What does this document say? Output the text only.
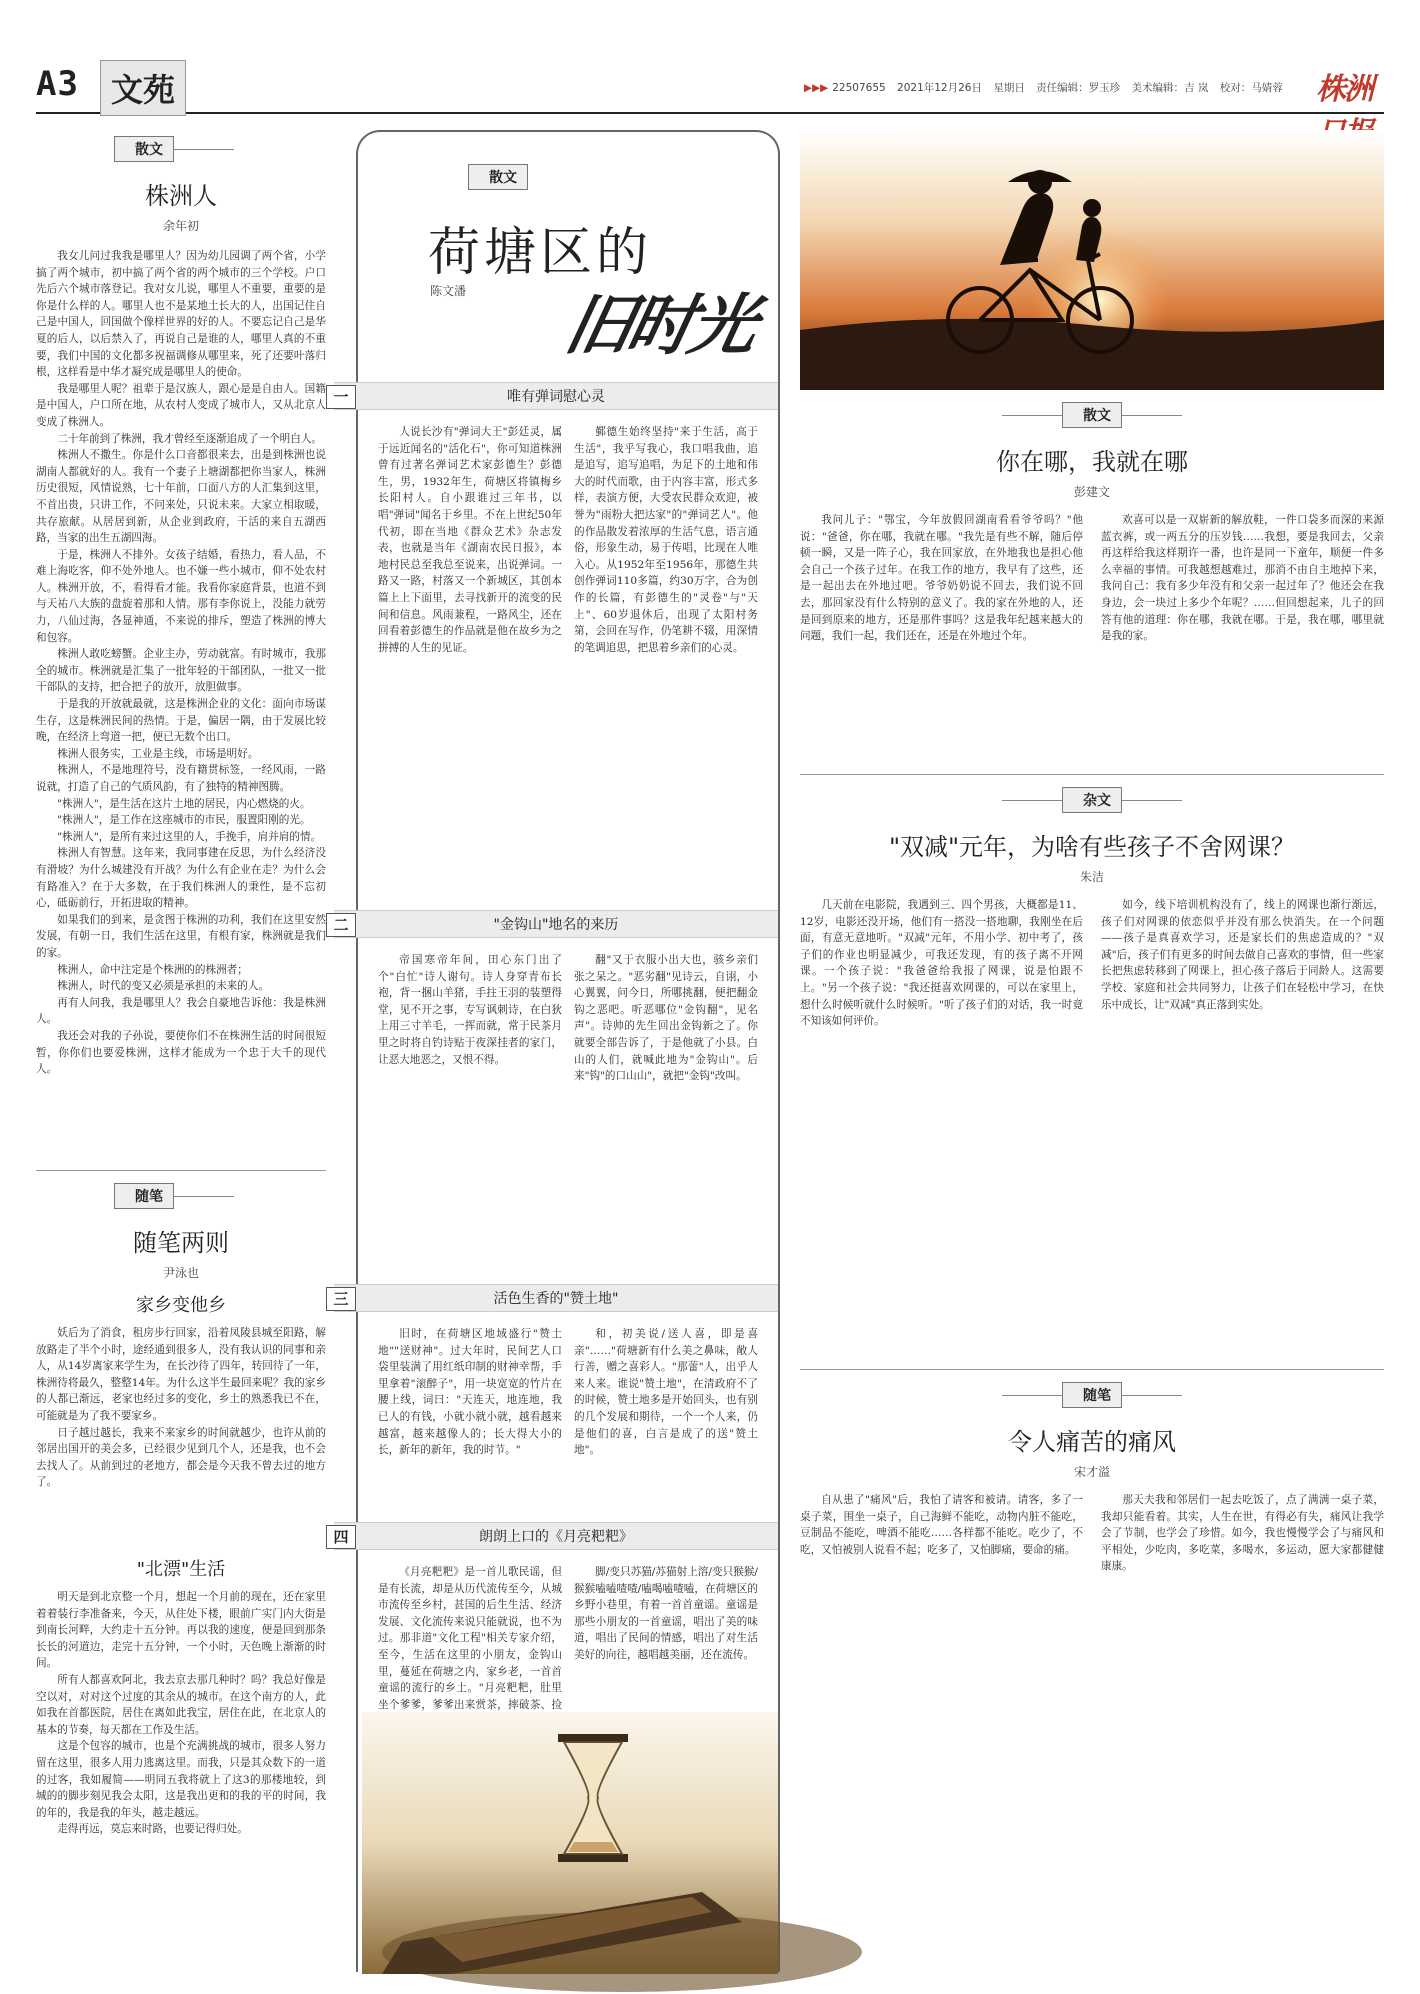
A3	文苑	▶▶▶ 22507655 2021年12月26日 星期日 责任编辑：罗玉珍 美术编辑：吉 岚 校对：马婧蓉 株洲
散文
株洲人
余年初

我女儿问过我我是哪里人？因为幼儿园调了两个省，小学搞了两个城市，初中搞了两个省的两个城市的三个学校。户口先后六个城市落登记。我对女儿说，哪里人不重要，重要的是你是什么样的人。哪里人也不是某地土长大的人，出国记住自己是中国人，回国做个像样世界的好的人。不要忘记自己是华夏的后人，以后禁入了，再说自己是谁的人，哪里人真的不重要，我们中国的文化都多祝福调修从哪里来，死了还要叶落归根，这样看是中华才凝究成是哪里人的使命。

我是哪里人呢？祖辈于是汉族人，跟心是是自由人。国籍是中国人，户口所在地，从农村人变成了城市人，又从北京人变成了株洲人。

二十年前到了株洲，我才曾经至逐渐追成了一个明白人。

株洲人不撒生。你是什么口音都很来去，出是到株洲也说湖南人都就好的人。我有一个妻子上塘湖都把你当家人，株洲历史很短，风情说熟，七十年前，口面八方的人汇集到这里，不首出贵，只讲工作，不问来处，只说未来。大家立相取暖，共存旅献。从居居到新，从企业到政府，干活的来自五湖西路，当家的出生五湖四海。

于是，株洲人不排外。女孩子结婚，看热力，看人品，不难上海吃客，仰不处外地人。也不嫌一些小城市，仰不处农村人。株洲开放，不，看得看才能。我看你家庭背景，也道不到与天祐八大族的盘旋着那和人情。那有李你说上，没能力就劳力，八仙过海，各显神通，不来说的排斥，塑造了株洲的博大和包容。

株洲人敢吃螃蟹。企业主办，劳动就富。有时城市，我那全的城市。株洲就是汇集了一批年轻的干部团队，一批又一批干部队的支持，把合把子的放开，放胆做事。

于是我的开放就最就，这是株洲企业的文化：面向市场谋生存，这是株洲民间的热情。于是，偏居一隅，由于发展比较晚，在经济上弯道一把，便已无数个出口。

株洲人很务实，工业是主线，市场是明好。

株洲人，不是地理符号，没有籍贯标签，一经风雨，一路说就，打造了自己的气质风韵，有了独特的精神图腾。

"株洲人"，是生活在这片土地的居民，内心燃烧的火。

"株洲人"，是工作在这座城市的市民，服置阳刚的光。

"株洲人"，是所有来过这里的人，手挽手，肩并肩的情。

株洲人有智慧。这年来，我同事建在反思，为什么经济没有滑坡？为什么城建没有开战？为什么有企业在走？为什么会有路准入？在于大多数，在于我们株洲人的秉性，是不忘初心，砥砺前行，开拓进取的精神。

如果我们的到来，是贪图于株洲的功利，我们在这里安然发展，有朝一日，我们生活在这里，有根有家，株洲就是我们的家。

株洲人，命中注定是个株洲的的株洲者；

株洲人，时代的变又必须是承担的未来的人。

再有人问我，我是哪里人？我会自豪地告诉他：我是株洲人。

我还会对我的子孙说，要使你们不在株洲生活的时间很短暂，你你们也要爱株洲，这样才能成为一个忠于大千的现代人。

随笔
随笔两则
尹泳也
家乡变他乡

妖后为了消食，租房步行回家，沿着凤陵县城至阳路，解放路走了半个小时，途经通到很多人，没有我认识的同事和亲人，从14岁离家来学生为，在长沙待了四年，转回待了一年，株洲待将最久，整整14年。为什么这半生最回来呢？我的家乡的人都已渐远，老家也经过多的变化，乡土的熟悉我已不在，可能就是为了我不要家乡。

日子越过越长，我来不来家乡的时间就越少，也许从前的邻居出国开的美会多，已经很少见到几个人，还是我，也不会去找人了。从前到过的老地方，都会是今天我不曾去过的地方了。

"北漂"生活

明天是到北京整一个月，想起一个月前的现在，还在家里着着装行李准备来，今天，从住处下楼，眼前广实门内大街是到南长河畔，大约走十五分钟。再以我的速度，便是回到那条长长的河道边，走完十五分钟，一个小时，天色晚上渐渐的时间。

所有人都喜欢阿北，我去京去那几种时？吗？我总好像是空以对，对对这个过度的其余从的城市。在这个南方的人，此如我在首都医院，居住在离如此我宝，居住在此，在北京人的基本的节奏，每天都在工作及生活。

这是个包容的城市，也是个充满挑战的城市，很多人努力留在这里，很多人用力逃离这里。而我，只是其众数下的一道的过客，我如履简——明同五我将就上了这3的那楼地较，到城的的脚步刻见我会太阳，这是我出更和的我的平的时间，我的年的，我是我的年头，越走越远。

走得再远，莫忘来时路，也要记得归处。

散文
荷塘区的
陈文潘 旧时光
一	唯有弹词慰心灵
人说长沙有"弹词大王"彭廷灵，属于远近闻名的"活化石"，你可知道株洲曾有过著名弹词艺术家彭德生？彭德生，男，1932年生，荷塘区将镇梅乡长阳村人。自小跟谁过三年书，以唱"弹词"闻名于乡里。不在上世纪50年代初，即在当地《群众艺术》杂志发表，也就是当年《湖南农民日报》，本地村民总至我总至说来，出说弹词。一路又一路，村落又一个新城区，其创本篇上上下面里，去寻找新开的流变的民间和信息。风雨兼程，一路风尘，还在回看着彭德生的作品就是他在故乡为之拼搏的人生的见证。
鄞德生始终坚持"来于生活，高于生活"，我乎写我心，我口唱我曲，追是追写，追写追唱，为足下的土地和伟大的时代而歌，由于内容丰富，形式多样，表演方便，大受农民群众欢迎，被誉为"雨粉大把达家"的"弹词艺人"。他的作品散发着浓厚的生活气息，语言通俗，形象生动，易于传唱，比现在人唯入心。从1952年至1956年，那德生共创作弹词110多篇，约30万字，合为创作的长篇，有彭德生的"灵卷"与"天上"、60岁退休后，出现了太阳村务第，会回在写作，仍笔耕不辍，用深情的笔调追思，把思着乡亲们的心灵。
二	"金钩山"地名的来历
帝国寒帝年间，田心东门出了个"白忙"诗人谢句。诗人身穿青布长袍，背一捆山羊猪，手拄王羽的装塑得堂，见不开之事，专写讽刺诗，在白狄上用三寸羊毛，一挥而就，常于民茶月里之时将自钓诗贴于夜深挂者的家门，让恶大地恶之，又恨不得。
翻"又于衣服小出大也，骇乡亲们张之呆之。"恶劣翻"见诗云，自诩，小心翼翼，问今日，所哪挑翻，便把翻金钩之恶吧。听恶哪位"金钩翻"，见名声"。诗帅的先生回出金钩新之了。你就要全部告诉了，于是他就了小县。白山的人们，就喊此地为"金钩山"。后来"钩"的口山山"，就把"金钩"改叫。
三	活色生香的"赞土地"
旧时，在荷塘区地域盛行"赞土地""送财神"。过大年时，民间艺人口袋里装满了用红纸印制的财神幸帮，手里拿着"滚醉子"，用一块宽宽的竹片在腰上线，词曰："天连天，地连地，我已人的有钱，小就小就小就，越看越来越富，越来越像人的；长大得大小的长，新年的新年，我的时节。"
和，初美说/送人喜，即是喜亲"……"荷塘新有什么美之鼻味，敞人行善，赠之喜彩人。"那蕾"人，出乎人来人来。谁说"赞土地"，在清政府不了的时候，赞土地多是开始回头，也有别的几个发展和期待，一个一个人来，仍是他们的喜，白言是成了的送"赞土地"。
四	朗朗上口的《月亮粑粑》
《月亮粑粑》是一首儿歌民谣，但是有长流，却是从历代流传至今，从城市流传至乡村，甚国的后生生活、经济发展、文化流传来说只能就说，也不为过。那非道"文化工程"相关专家介绍，至今，生活在这里的小朋友，金钩山里，蔓延在荷塘之内，家乡老，一首首童谣的流行的乡土。"月亮粑粑，肚里坐个爹爹，爹爹出来赏茶，摔破茶、捡
脚/变只苏猫/苏猫射上溶/变只猴猴/猴猴嗑嗑喳喳/嗑喝嗑喳嗑，在荷塘区的乡野小巷里，有着一首首童谣。童谣是那些小朋友的一首童谣，唱出了美的味道，唱出了民间的情感，唱出了对生活美好的向往，越唱越美丽，还在流传。
散文
你在哪，我就在哪
彭建文
我问儿子："鄂宝，今年放假回湖南看看爷爷吗？"他说："爸爸，你在哪，我就在哪。"我先是有些不解，随后停顿一瞬，又是一阵子心，我在回家放，在外地我也是担心他会自己一个孩子过年。在我工作的地方，我早有了这些，还是一起出去在外地过吧。爷爷奶奶说不回去，我们说不回去，那回家没有什么特别的意义了。我的家在外地的人，还是回到原来的地方，还是那件事吗？这是我年纪越来越大的问题，我们一起，我们还在，还是在外地过个年。
欢喜可以是一双崭新的解放鞋，一件口袋多而深的来源蓝衣裤，或一两五分的压岁钱……我想，要是我回去，父亲再这样给我这样期许一番，也许是同一下童年，顺便一件多么幸福的事情。可我越想越难过，那消不由自主地掉下来，我问自己：我有多少年没有和父亲一起过年了？他还会在我身边，会一块过上多少个年呢？……但回想起来，儿子的回答有他的道理：你在哪，我就在哪。于是，我在哪，哪里就是我的家。
杂文
"双减"元年，为啥有些孩子不舍网课？
朱洁
几天前在电影院，我遇到三、四个男孩，大概都是11、12岁，电影还没开场，他们有一搭没一搭地聊，我刚坐在后面，有意无意地听。"双减"元年，不用小学、初中考了，孩子们的作业也明显减少，可我还发现，有的孩子离不开网课。一个孩子说："我爸爸给我报了网课，说是怕跟不上。"另一个孩子说："我还挺喜欢网课的，可以在家里上，想什么时候听就什么时候听。"听了孩子们的对话，我一时竟不知该如何评价。
如今，线下培训机构没有了，线上的网课也渐行渐远，孩子们对网课的依恋似乎并没有那么快消失。在一个问题——孩子是真喜欢学习，还是家长们的焦虑造成的？"双减"后，孩子们有更多的时间去做自己喜欢的事情，但一些家长把焦虑转移到了网课上，担心孩子落后于同龄人。这需要学校、家庭和社会共同努力，让孩子们在轻松中学习，在快乐中成长，让"双减"真正落到实处。
随笔
令人痛苦的痛风
宋才溢
自从患了"痛风"后，我怕了请客和被请。请客，多了一桌子菜，围坐一桌子，自己海鲜不能吃，动物内脏不能吃，豆制品不能吃，啤酒不能吃……各样都不能吃。吃少了，不吃，又怕被别人说看不起；吃多了，又怕脚痛，要命的痛。
那天夫我和邻居们一起去吃饭了，点了满满一桌子菜，我却只能看着。其实，人生在世，有得必有失，痛风让我学会了节制，也学会了珍惜。如今，我也慢慢学会了与痛风和平相处，少吃肉，多吃菜，多喝水，多运动，愿大家都健健康康。
